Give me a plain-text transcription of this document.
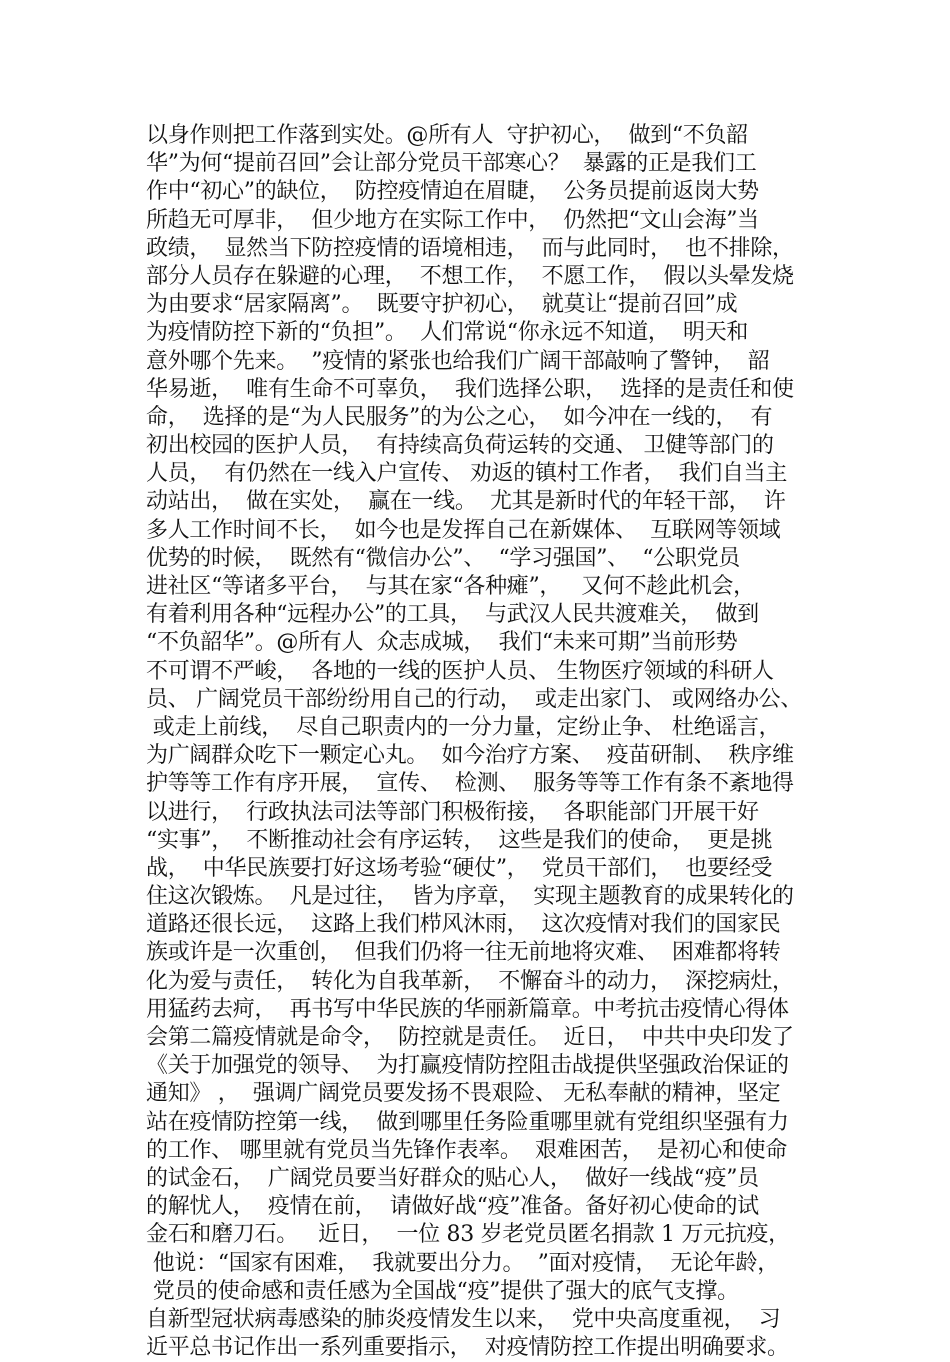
以身作则把工作落到实处。@所有人  守护初心，  做到“不负韶
华”为何“提前召回”会让部分党员干部寒心？  暴露的正是我们工
作中“初心”的缺位，  防控疫情迫在眉睫，  公务员提前返岗大势
所趋无可厚非，  但少地方在实际工作中，  仍然把“文山会海”当
政绩，  显然当下防控疫情的语境相违，  而与此同时，  也不排除，
部分人员存在躲避的心理，  不想工作，  不愿工作，  假以头晕发烧
为由要求“居家隔离”。  既要守护初心，  就莫让“提前召回”成
为疫情防控下新的“负担”。  人们常说“你永远不知道，  明天和
意外哪个先来。  ”疫情的紧张也给我们广阔干部敲响了警钟，  韶
华易逝，  唯有生命不可辜负，  我们选择公职，  选择的是责任和使
命，  选择的是“为人民服务”的为公之心，  如今冲在一线的，  有
初出校园的医护人员，  有持续高负荷运转的交通、 卫健等部门的
人员，  有仍然在一线入户宣传、 劝返的镇村工作者，  我们自当主
动站出，  做在实处，  赢在一线。  尤其是新时代的年轻干部，  许
多人工作时间不长，  如今也是发挥自己在新媒体、  互联网等领域
优势的时候，  既然有“微信办公”、  “学习强国”、  “公职党员
进社区“等诸多平台，  与其在家“各种瘫”，   又何不趁此机会，
有着利用各种“远程办公”的工具，  与武汉人民共渡难关，  做到
“不负韶华”。@所有人  众志成城，  我们“未来可期”当前形势
不可谓不严峻，  各地的一线的医护人员、 生物医疗领域的科研人
员、 广阔党员干部纷纷用自己的行动，  或走出家门、 或网络办公、
或走上前线，  尽自己职责内的一分力量，定纷止争、 杜绝谣言，
为广阔群众吃下一颗定心丸。  如今治疗方案、  疫苗研制、  秩序维
护等等工作有序开展，  宣传、  检测、  服务等等工作有条不紊地得
以进行，  行政执法司法等部门积极衔接，  各职能部门开展干好
“实事”，  不断推动社会有序运转，  这些是我们的使命，  更是挑
战，  中华民族要打好这场考验“硬仗”，  党员干部们，  也要经受
住这次锻炼。  凡是过往，  皆为序章，  实现主题教育的成果转化的
道路还很长远，  这路上我们栉风沐雨，  这次疫情对我们的国家民
族或许是一次重创，  但我们仍将一往无前地将灾难、  困难都将转
化为爱与责任，  转化为自我革新，  不懈奋斗的动力，  深挖病灶，
用猛药去疴，  再书写中华民族的华丽新篇章。中考抗击疫情心得体
会第二篇疫情就是命令，  防控就是责任。  近日，  中共中央印发了
《关于加强党的领导、  为打赢疫情防控阻击战提供坚强政治保证的
通知》 ，  强调广阔党员要发扬不畏艰险、 无私奉献的精神，坚定
站在疫情防控第一线，  做到哪里任务险重哪里就有党组织坚强有力
的工作、 哪里就有党员当先锋作表率。  艰难困苦，  是初心和使命
的试金石，  广阔党员要当好群众的贴心人，  做好一线战“疫”员
的解忧人，  疫情在前，  请做好战“疫”准备。备好初心使命的试
金石和磨刀石。   近日，  一位 83 岁老党员匿名捐款 1 万元抗疫，
他说：“国家有困难，  我就要出分力。  ”面对疫情，  无论年龄，
党员的使命感和责任感为全国战“疫”提供了强大的底气支撑。
自新型冠状病毒感染的肺炎疫情发生以来，  党中央高度重视，  习
近平总书记作出一系列重要指示，  对疫情防控工作提出明确要求。
